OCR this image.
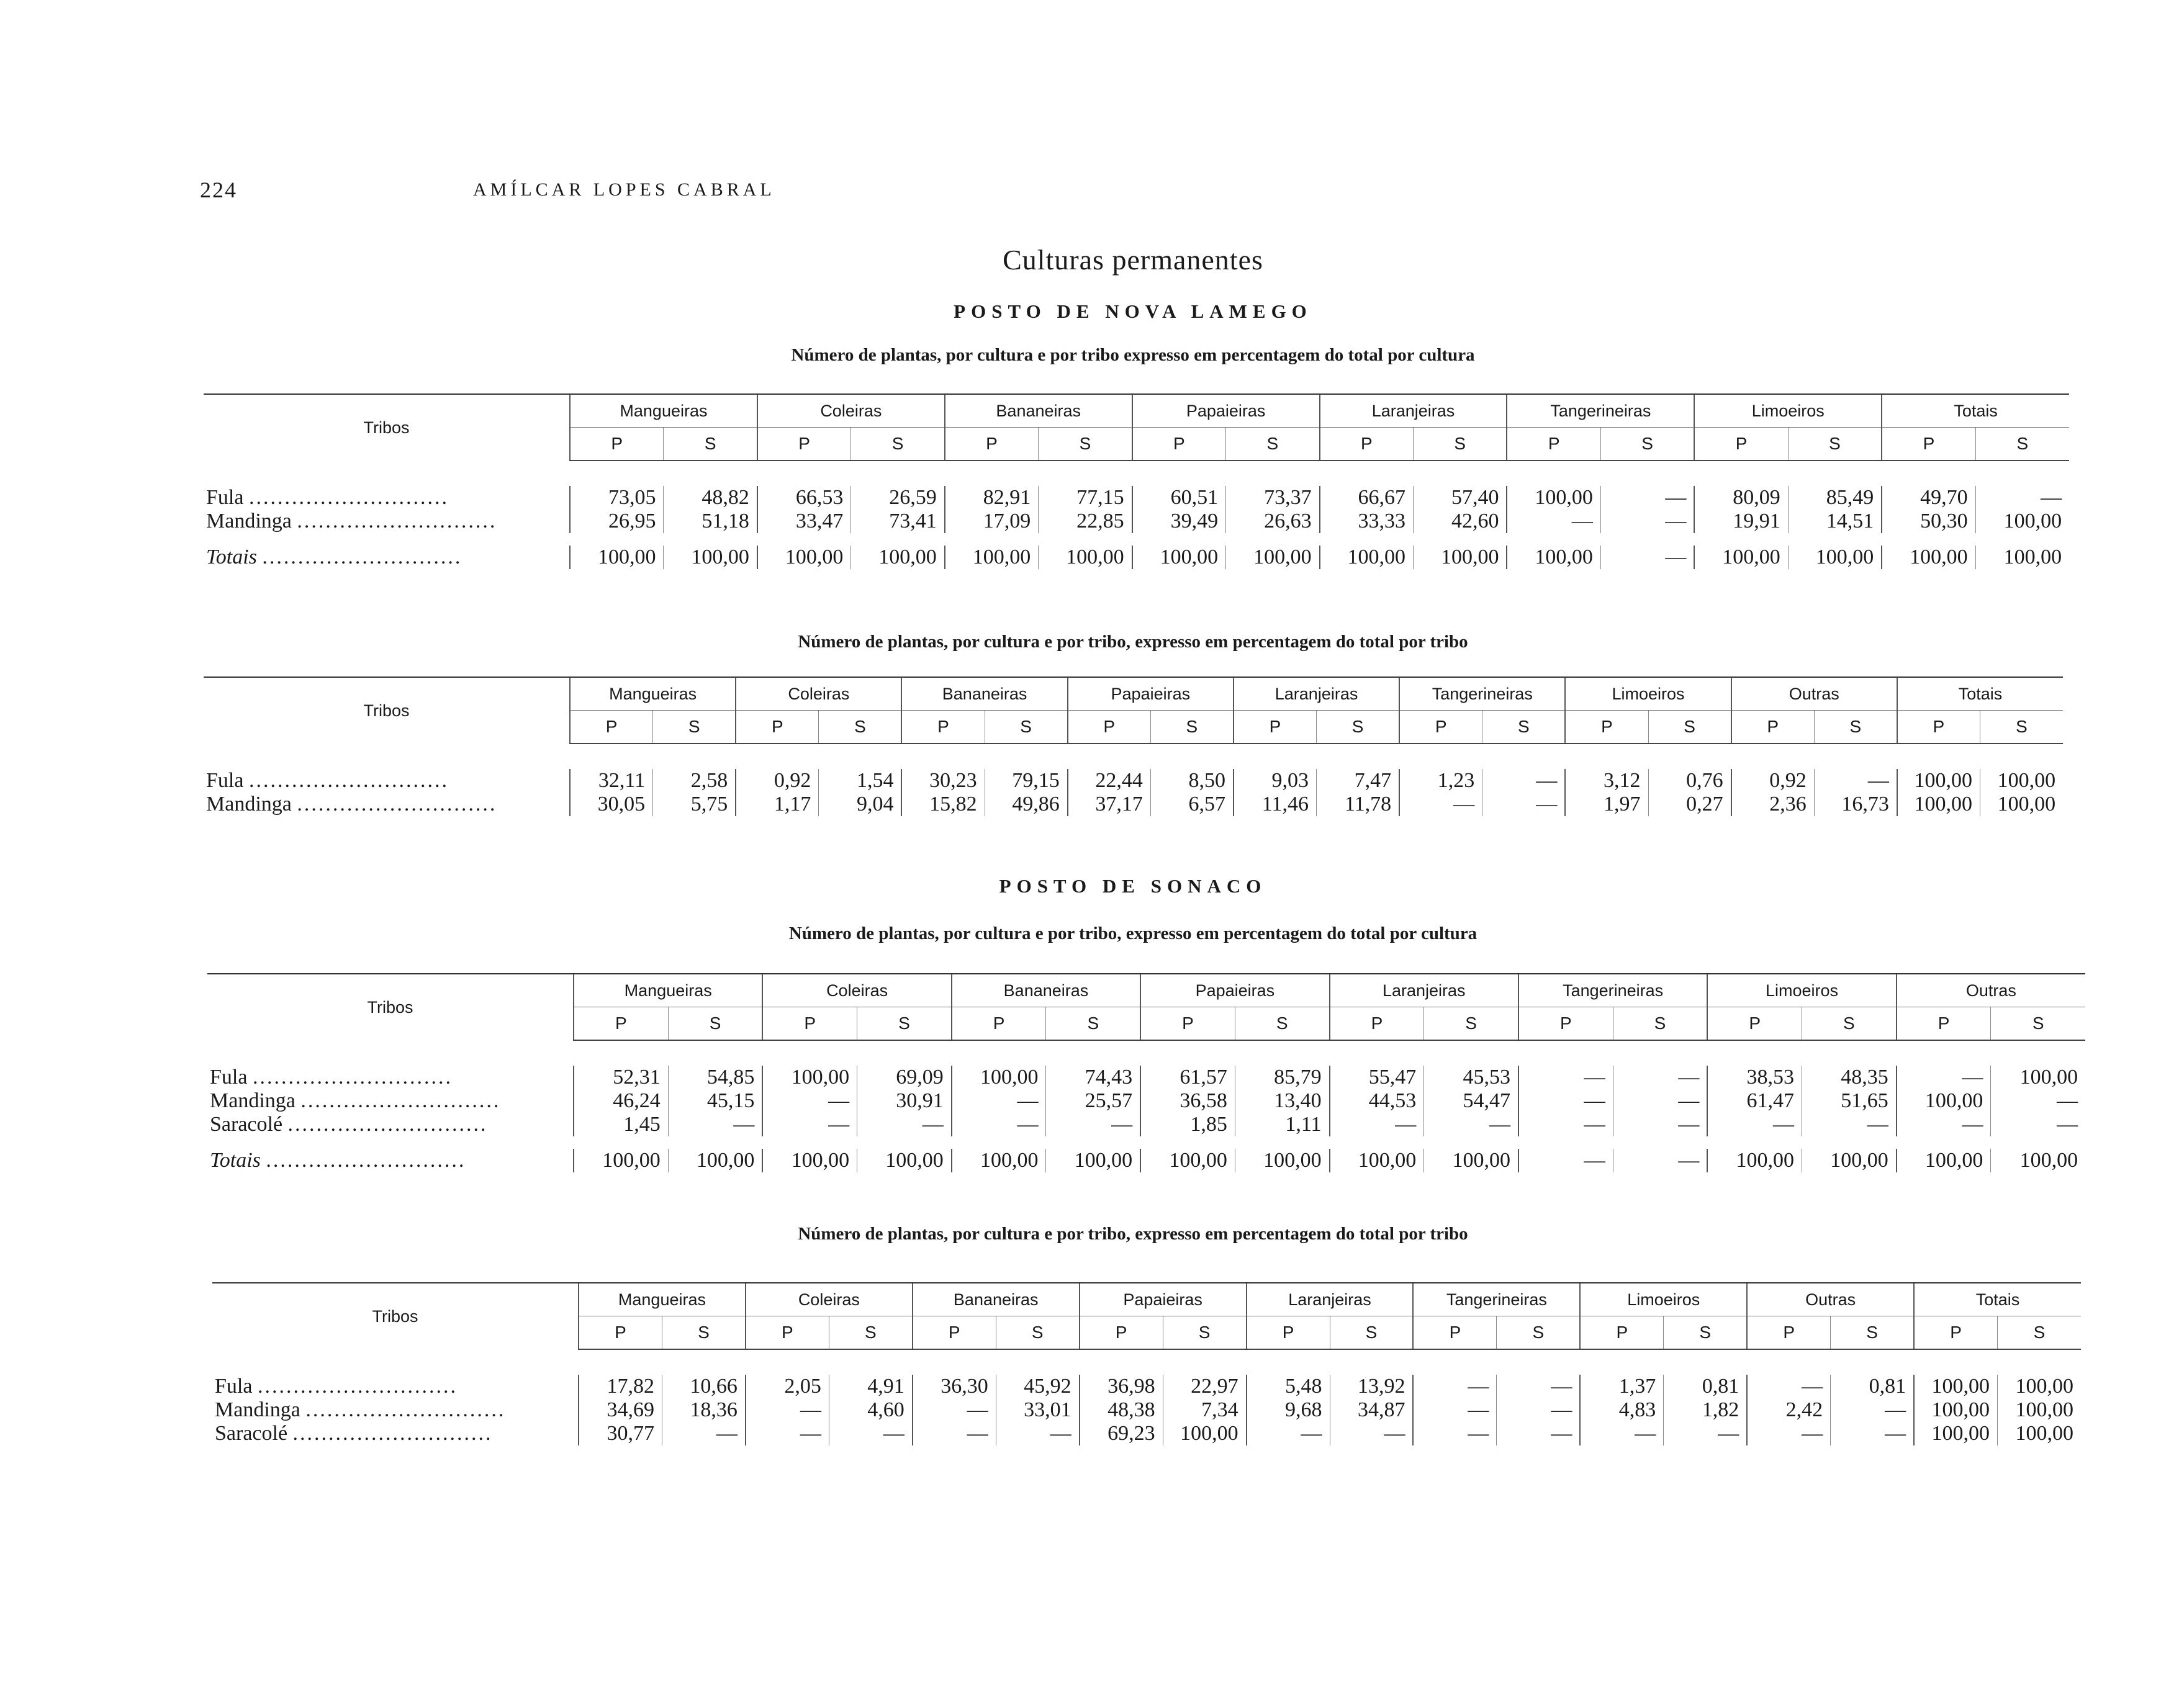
224	AMÍLCAR LOPES CABRAL
Culturas permanentes
POSTO DE NOVA LAMEGO
Número de plantas, por cultura e por tribo expresso em percentagem do total por cultura
Tribos	Mangueiras		Coleiras		Bananeiras		Papaieiras		Laranjeiras		Tangerineiras		Limoeiros		Totais	
	P	S	P	S	P	S	P	S	P	S	P	S	P	S	P	S

Fula ............................	73,05	48,82	66,53	26,59	82,91	77,15	60,51	73,37	66,67	57,40	100,00	—	80,09	85,49	49,70	—
Mandinga ............................	26,95	51,18	33,47	73,41	17,09	22,85	39,49	26,63	33,33	42,60	—	—	19,91	14,51	50,30	100,00

Totais ............................	100,00	100,00	100,00	100,00	100,00	100,00	100,00	100,00	100,00	100,00	100,00	—	100,00	100,00	100,00	100,00
Número de plantas, por cultura e por tribo, expresso em percentagem do total por tribo
Tribos	Mangueiras		Coleiras		Bananeiras		Papaieiras		Laranjeiras		Tangerineiras		Limoeiros		Outras		Totais	
	P	S	P	S	P	S	P	S	P	S	P	S	P	S	P	S	P	S

Fula ............................	32,11	2,58	0,92	1,54	30,23	79,15	22,44	8,50	9,03	7,47	1,23	—	3,12	0,76	0,92	—	100,00	100,00
Mandinga ............................	30,05	5,75	1,17	9,04	15,82	49,86	37,17	6,57	11,46	11,78	—	—	1,97	0,27	2,36	16,73	100,00	100,00
POSTO DE SONACO
Número de plantas, por cultura e por tribo, expresso em percentagem do total por cultura
Tribos	Mangueiras		Coleiras		Bananeiras		Papaieiras		Laranjeiras		Tangerineiras		Limoeiros		Outras	
	P	S	P	S	P	S	P	S	P	S	P	S	P	S	P	S

Fula ............................	52,31	54,85	100,00	69,09	100,00	74,43	61,57	85,79	55,47	45,53	—	—	38,53	48,35	—	100,00
Mandinga ............................	46,24	45,15	—	30,91	—	25,57	36,58	13,40	44,53	54,47	—	—	61,47	51,65	100,00	—
Saracolé ............................	1,45	—	—	—	—	—	1,85	1,11	—	—	—	—	—	—	—	—

Totais ............................	100,00	100,00	100,00	100,00	100,00	100,00	100,00	100,00	100,00	100,00	—	—	100,00	100,00	100,00	100,00
Número de plantas, por cultura e por tribo, expresso em percentagem do total por tribo
Tribos	Mangueiras		Coleiras		Bananeiras		Papaieiras		Laranjeiras		Tangerineiras		Limoeiros		Outras		Totais	
	P	S	P	S	P	S	P	S	P	S	P	S	P	S	P	S	P	S

Fula ............................	17,82	10,66	2,05	4,91	36,30	45,92	36,98	22,97	5,48	13,92	—	—	1,37	0,81	—	0,81	100,00	100,00
Mandinga ............................	34,69	18,36	—	4,60	—	33,01	48,38	7,34	9,68	34,87	—	—	4,83	1,82	2,42	—	100,00	100,00
Saracolé ............................	30,77	—	—	—	—	—	69,23	100,00	—	—	—	—	—	—	—	—	100,00	100,00
